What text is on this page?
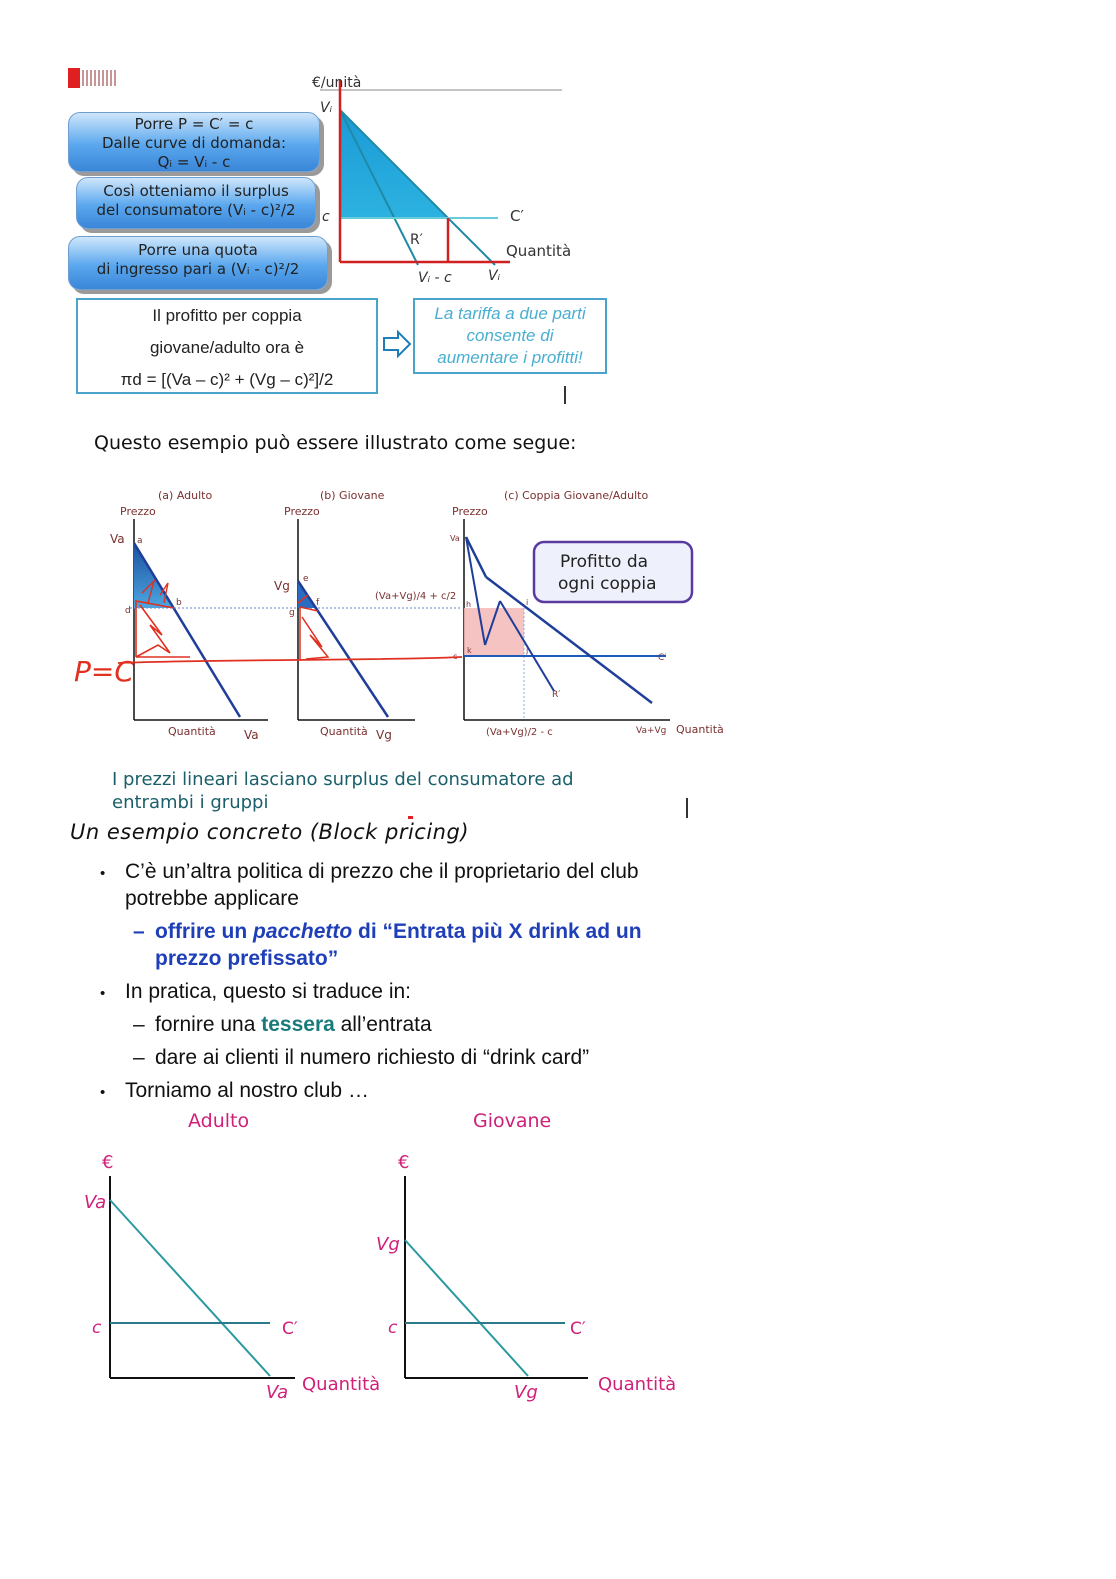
€/unità
Vᵢ
c	C′
R′
Quantità
Vᵢ - c	Vᵢ
Porre P = C′ = c
Dalle curve di domanda:
Qᵢ = Vᵢ - c
Così otteniamo il surplus
del consumatore (Vᵢ - c)²/2
Porre una quota
di ingresso pari a (Vᵢ - c)²/2
Il profitto per coppia
giovane/adulto ora è
πd = [(Va – c)² + (Vg – c)²]/2
La tariffa a due parti
consente di
aumentare i profitti!
Questo esempio può essere illustrato come segue:
(a) Adulto
Prezzo
Va a
b
d
Quantità Va
(b) Giovane
Prezzo
Vg e
f
g
Quantità Vg
(Va+Vg)/4 + c/2
(c) Coppia Giovane/Adulto
Prezzo
Va
h	i
c
k	j
C′
R′
(Va+Vg)/2 - c	Va+Vg Quantità
Profitto da
ogni coppia
P=C
I prezzi lineari lasciano surplus del consumatore ad
entrambi i gruppi
Un esempio concreto (Block pricing)
• C’è un’altra politica di prezzo che il proprietario del club
potrebbe applicare
– offrire un pacchetto di “Entrata più X drink ad un
prezzo prefissato”
• In pratica, questo si traduce in:
– fornire una tessera all’entrata
– dare ai clienti il numero richiesto di “drink card”
• Torniamo al nostro club …
Adulto	Giovane
€
Va
c	C′
Va Quantità
€
Vg
c	C′
Vg	Quantità
